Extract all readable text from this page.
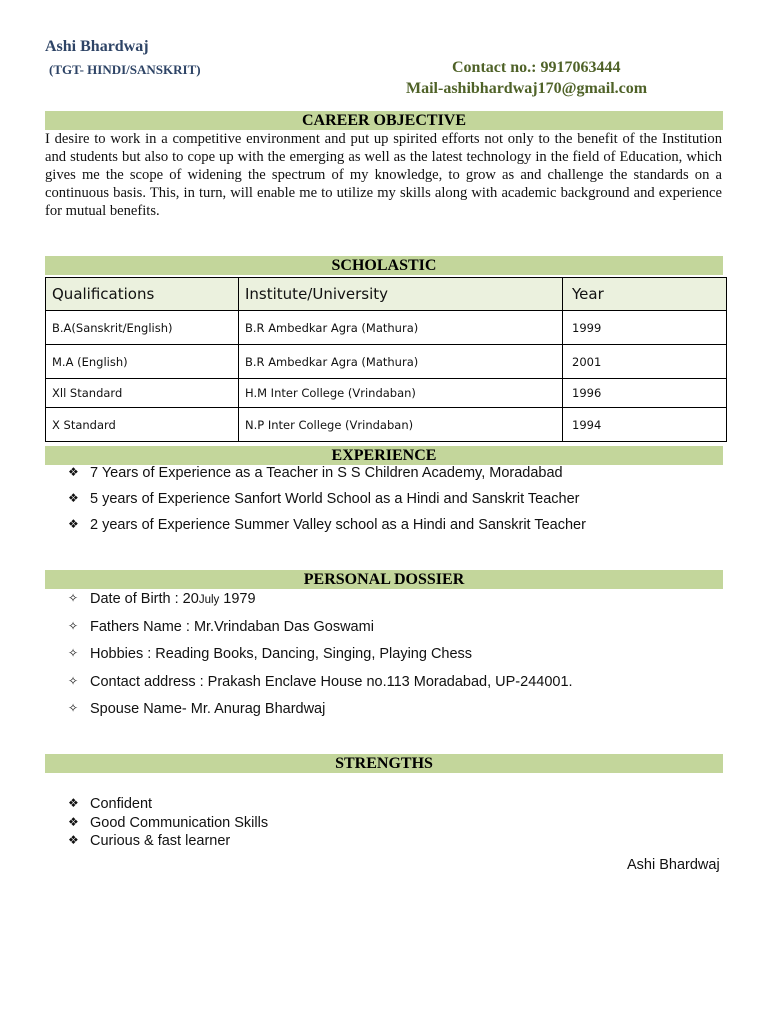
Ashi Bhardwaj
(TGT- HINDI/SANSKRIT)	Contact no.: 9917063444
Mail-ashibhardwaj170@gmail.com
CAREER OBJECTIVE
I desire to work in a competitive environment and put up spirited efforts not only to the benefit of the Institution and students but also to cope up with the emerging as well as the latest technology in the field of Education, which gives me the scope of widening the spectrum of my knowledge, to grow as and challenge the standards on a continuous basis. This, in turn, will enable me to utilize my skills along with academic background and experience for mutual benefits.
SCHOLASTIC
Qualifications	Institute/University	Year
B.A(Sanskrit/English)	B.R Ambedkar Agra (Mathura)	1999
M.A (English)	B.R Ambedkar Agra (Mathura)	2001
Xll Standard	H.M Inter College (Vrindaban)	1996
X Standard	N.P Inter College (Vrindaban)	1994
EXPERIENCE
❖ 7 Years of Experience as a Teacher in S S Children Academy, Moradabad
❖ 5 years of Experience Sanfort World School as a Hindi and Sanskrit Teacher
❖ 2 years of Experience Summer Valley school as a Hindi and Sanskrit Teacher
PERSONAL DOSSIER
✧ Date of Birth : 20July 1979
✧ Fathers Name : Mr.Vrindaban Das Goswami
✧ Hobbies : Reading Books, Dancing, Singing, Playing Chess
✧ Contact address : Prakash Enclave House no.113 Moradabad, UP-244001.
✧ Spouse Name- Mr. Anurag Bhardwaj
STRENGTHS
❖ Confident
❖ Good Communication Skills
❖ Curious & fast learner
Ashi Bhardwaj
